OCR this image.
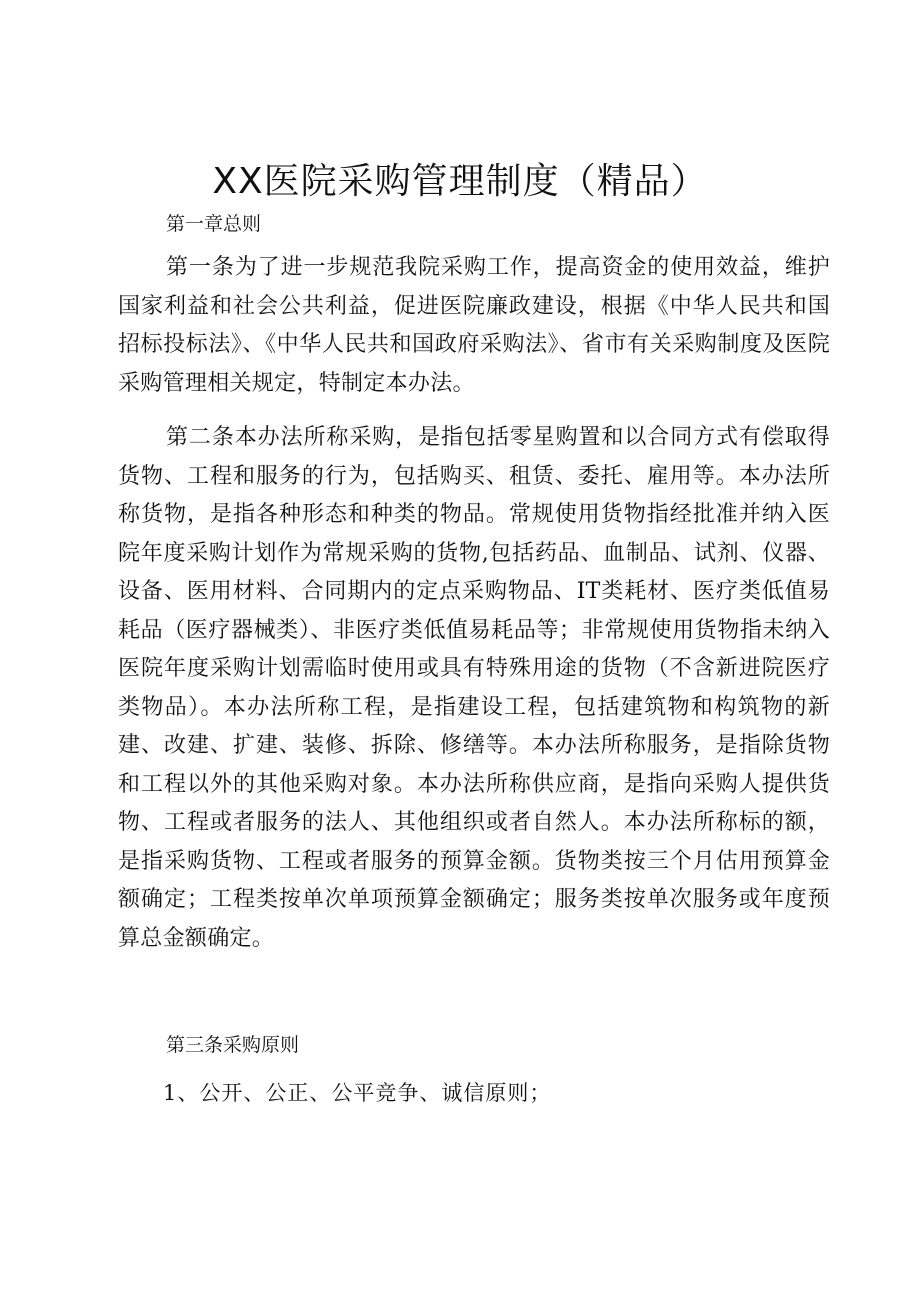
XX医院采购管理制度（精品）

第一章总则

第一条为了进一步规范我院采购工作，提高资金的使用效益，维护国家利益和社会公共利益，促进医院廉政建设，根据《中华人民共和国招标投标法》、《中华人民共和国政府采购法》、省市有关采购制度及医院采购管理相关规定，特制定本办法。

第二条本办法所称采购，是指包括零星购置和以合同方式有偿取得货物、工程和服务的行为，包括购买、租赁、委托、雇用等。本办法所称货物，是指各种形态和种类的物品。常规使用货物指经批准并纳入医院年度采购计划作为常规采购的货物,包括药品、血制品、试剂、仪器、设备、医用材料、合同期内的定点采购物品、IT类耗材、医疗类低值易耗品（医疗器械类）、非医疗类低值易耗品等；非常规使用货物指未纳入医院年度采购计划需临时使用或具有特殊用途的货物（不含新进院医疗类物品）。本办法所称工程，是指建设工程，包括建筑物和构筑物的新建、改建、扩建、装修、拆除、修缮等。本办法所称服务，是指除货物和工程以外的其他采购对象。本办法所称供应商，是指向采购人提供货物、工程或者服务的法人、其他组织或者自然人。本办法所称标的额，是指采购货物、工程或者服务的预算金额。货物类按三个月估用预算金额确定；工程类按单次单项预算金额确定；服务类按单次服务或年度预算总金额确定。

第三条采购原则

1、公开、公正、公平竞争、诚信原则；
